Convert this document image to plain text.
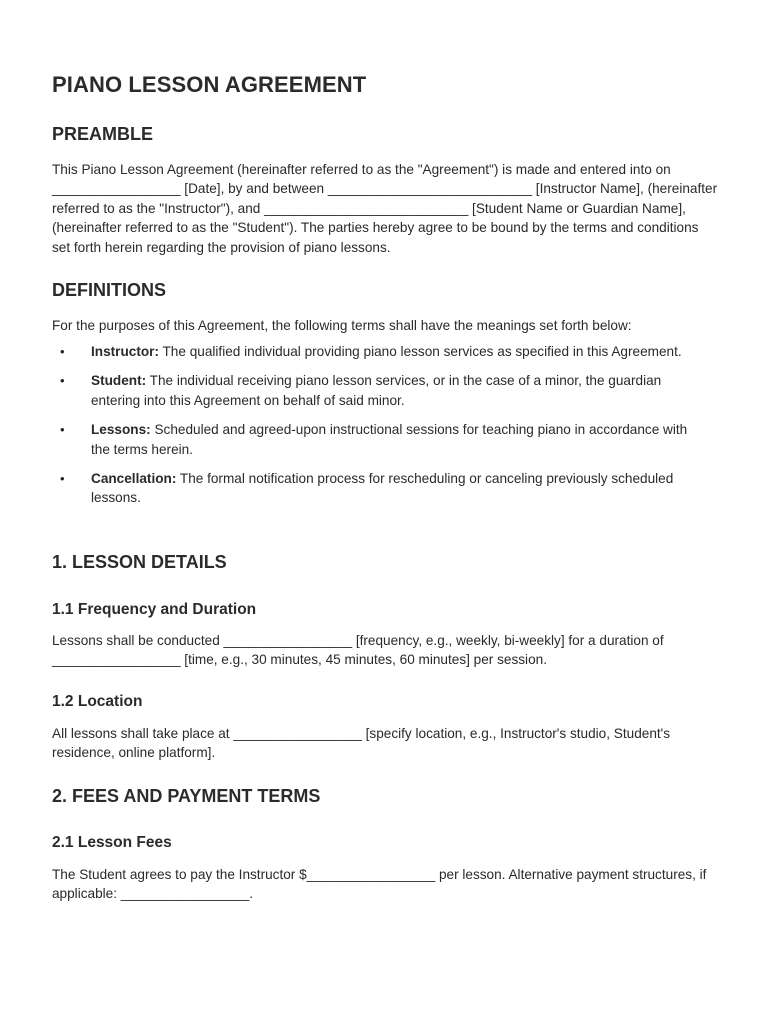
PIANO LESSON AGREEMENT
PREAMBLE

This Piano Lesson Agreement (hereinafter referred to as the "Agreement") is made and entered into on _________________ [Date], by and between ___________________________ [Instructor Name], (hereinafter referred to as the "Instructor"), and ___________________________ [Student Name or Guardian Name], (hereinafter referred to as the "Student"). The parties hereby agree to be bound by the terms and conditions set forth herein regarding the provision of piano lessons.

DEFINITIONS

For the purposes of this Agreement, the following terms shall have the meanings set forth below:

• Instructor: The qualified individual providing piano lesson services as specified in this Agreement.
• Student: The individual receiving piano lesson services, or in the case of a minor, the guardian entering into this Agreement on behalf of said minor.
• Lessons: Scheduled and agreed-upon instructional sessions for teaching piano in accordance with the terms herein.
• Cancellation: The formal notification process for rescheduling or canceling previously scheduled lessons.
1. LESSON DETAILS
1.1 Frequency and Duration

Lessons shall be conducted _________________ [frequency, e.g., weekly, bi-weekly] for a duration of _________________ [time, e.g., 30 minutes, 45 minutes, 60 minutes] per session.

1.2 Location

All lessons shall take place at _________________ [specify location, e.g., Instructor's studio, Student's residence, online platform].

2. FEES AND PAYMENT TERMS
2.1 Lesson Fees

The Student agrees to pay the Instructor $_________________ per lesson. Alternative payment structures, if applicable: _________________.
